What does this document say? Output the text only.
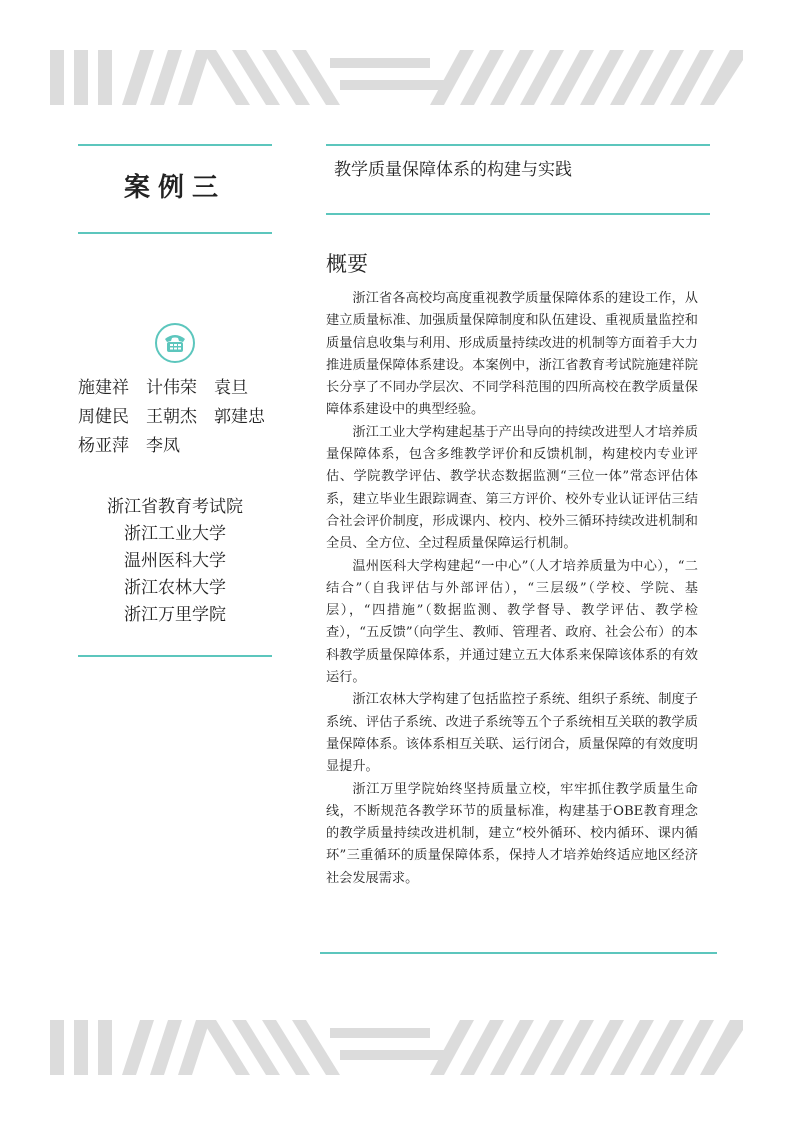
案例三
施建祥　计伟荣　袁旦
周健民　王朝杰　郭建忠
杨亚萍　李凤
浙江省教育考试院
浙江工业大学
温州医科大学
浙江农林大学
浙江万里学院
教学质量保障体系的构建与实践
概要

浙江省各高校均高度重视教学质量保障体系的建设工作，从建立质量标准、加强质量保障制度和队伍建设、重视质量监控和质量信息收集与利用、形成质量持续改进的机制等方面着手大力推进质量保障体系建设。本案例中，浙江省教育考试院施建祥院长分享了不同办学层次、不同学科范围的四所高校在教学质量保障体系建设中的典型经验。

浙江工业大学构建起基于产出导向的持续改进型人才培养质量保障体系，包含多维教学评价和反馈机制，构建校内专业评估、学院教学评估、教学状态数据监测“三位一体”常态评估体系，建立毕业生跟踪调查、第三方评价、校外专业认证评估三结合社会评价制度，形成课内、校内、校外三循环持续改进机制和全员、全方位、全过程质量保障运行机制。

温州医科大学构建起“一中心”（人才培养质量为中心），“二结合”（自我评估与外部评估），“三层级”（学校、学院、基层），“四措施”（数据监测、教学督导、教学评估、教学检查），“五反馈”（向学生、教师、管理者、政府、社会公布）的本科教学质量保障体系，并通过建立五大体系来保障该体系的有效运行。

浙江农林大学构建了包括监控子系统、组织子系统、制度子系统、评估子系统、改进子系统等五个子系统相互关联的教学质量保障体系。该体系相互关联、运行闭合，质量保障的有效度明显提升。

浙江万里学院始终坚持质量立校，牢牢抓住教学质量生命线，不断规范各教学环节的质量标准，构建基于OBE教育理念的教学质量持续改进机制，建立“校外循环、校内循环、课内循环”三重循环的质量保障体系，保持人才培养始终适应地区经济社会发展需求。
